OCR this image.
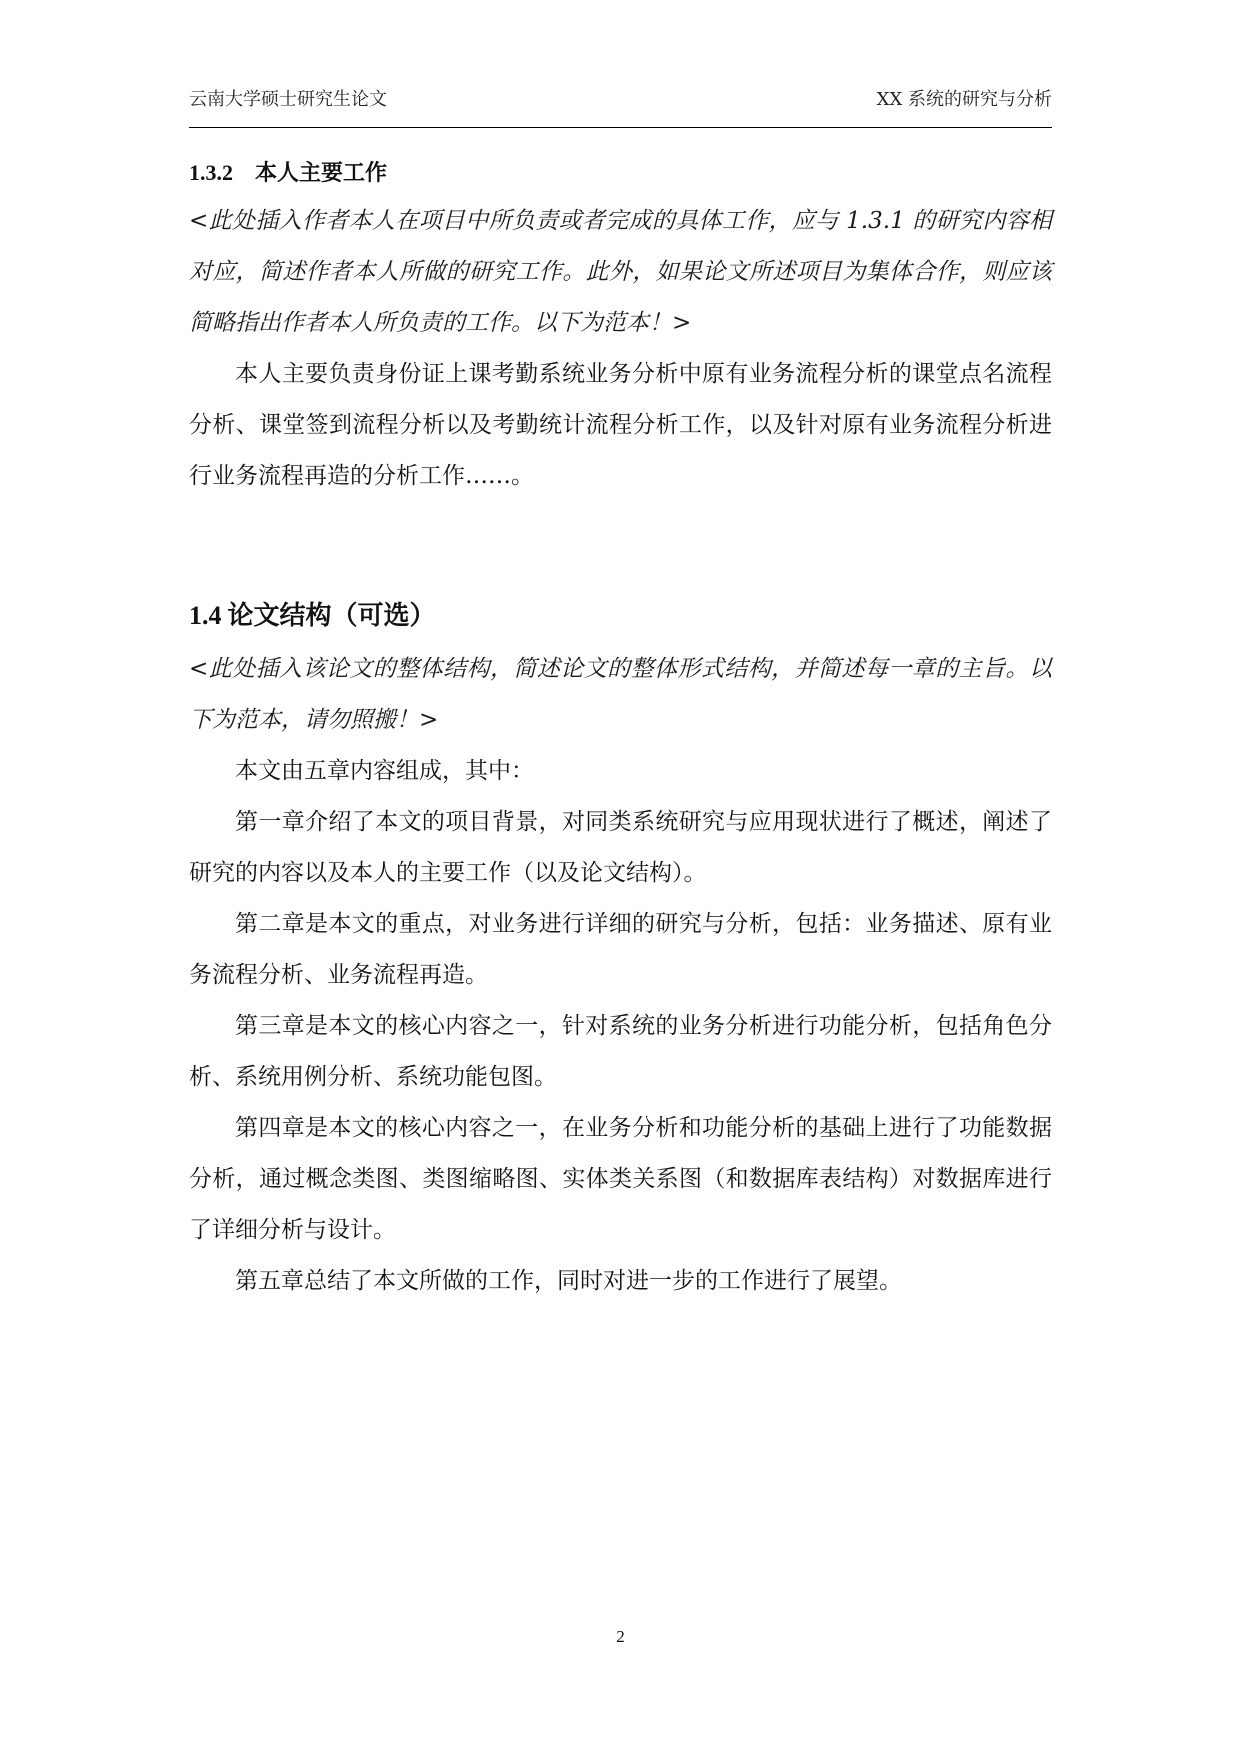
云南大学硕士研究生论文	XX 系统的研究与分析
1.3.2 本人主要工作

<此处插入作者本人在项目中所负责或者完成的具体工作，应与 1.3.1 的研究内容相对应，简述作者本人所做的研究工作。此外，如果论文所述项目为集体合作，则应该简略指出作者本人所负责的工作。以下为范本！>

本人主要负责身份证上课考勤系统业务分析中原有业务流程分析的课堂点名流程分析、课堂签到流程分析以及考勤统计流程分析工作，以及针对原有业务流程分析进行业务流程再造的分析工作……。

1.4 论文结构（可选）

<此处插入该论文的整体结构，简述论文的整体形式结构，并简述每一章的主旨。以下为范本，请勿照搬！>

本文由五章内容组成，其中：

第一章介绍了本文的项目背景，对同类系统研究与应用现状进行了概述，阐述了研究的内容以及本人的主要工作（以及论文结构）。

第二章是本文的重点，对业务进行详细的研究与分析，包括：业务描述、原有业务流程分析、业务流程再造。

第三章是本文的核心内容之一，针对系统的业务分析进行功能分析，包括角色分析、系统用例分析、系统功能包图。

第四章是本文的核心内容之一，在业务分析和功能分析的基础上进行了功能数据分析，通过概念类图、类图缩略图、实体类关系图（和数据库表结构）对数据库进行了详细分析与设计。

第五章总结了本文所做的工作，同时对进一步的工作进行了展望。

2
